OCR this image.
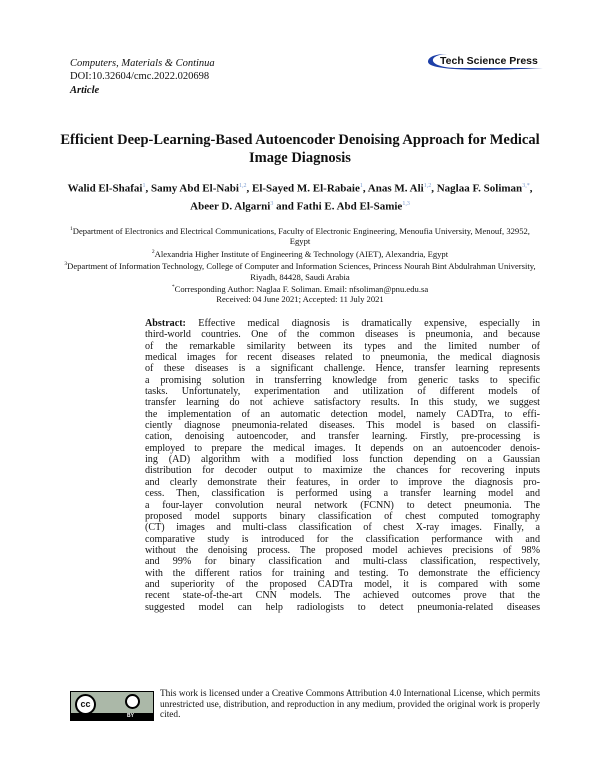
Computers, Materials & Continua
DOI:10.32604/cmc.2022.020698
Article
Tech Science Press
Efficient Deep-Learning-Based Autoencoder Denoising Approach for Medical Image Diagnosis
Walid El-Shafai$^1$, Samy Abd El-Nabi$^{1,2}$, El-Sayed M. El-Rabaie$^1$, Anas M. Ali$^{1,2}$, Naglaa F. Soliman$^{3,*}$,
Abeer D. Algarni$^3$ and Fathi E. Abd El-Samie$^{1,3}$
$^1$Department of Electronics and Electrical Communications, Faculty of Electronic Engineering, Menoufia University, Menouf, 32952, Egypt
$^2$Alexandria Higher Institute of Engineering & Technology (AIET), Alexandria, Egypt
$^3$Department of Information Technology, College of Computer and Information Sciences, Princess Nourah Bint Abdulrahman University, Riyadh, 84428, Saudi Arabia
*Corresponding Author: Naglaa F. Soliman. Email: nfsoliman@pnu.edu.sa
Received: 04 June 2021; Accepted: 11 July 2021
Abstract: Effective medical diagnosis is dramatically expensive, especially in
third-world countries. One of the common diseases is pneumonia, and because
of the remarkable similarity between its types and the limited number of
medical images for recent diseases related to pneumonia, the medical diagnosis
of these diseases is a significant challenge. Hence, transfer learning represents
a promising solution in transferring knowledge from generic tasks to specific
tasks. Unfortunately, experimentation and utilization of different models of
transfer learning do not achieve satisfactory results. In this study, we suggest
the implementation of an automatic detection model, namely CADTra, to effi-
ciently diagnose pneumonia-related diseases. This model is based on classifi-
cation, denoising autoencoder, and transfer learning. Firstly, pre-processing is
employed to prepare the medical images. It depends on an autoencoder denois-
ing (AD) algorithm with a modified loss function depending on a Gaussian
distribution for decoder output to maximize the chances for recovering inputs
and clearly demonstrate their features, in order to improve the diagnosis pro-
cess. Then, classification is performed using a transfer learning model and
a four-layer convolution neural network (FCNN) to detect pneumonia. The
proposed model supports binary classification of chest computed tomography
(CT) images and multi-class classification of chest X-ray images. Finally, a
comparative study is introduced for the classification performance with and
without the denoising process. The proposed model achieves precisions of 98%
and 99% for binary classification and multi-class classification, respectively,
with the different ratios for training and testing. To demonstrate the efficiency
and superiority of the proposed CADTra model, it is compared with some
recent state-of-the-art CNN models. The achieved outcomes prove that the
suggested model can help radiologists to detect pneumonia-related diseases
cc
BY
This work is licensed under a Creative Commons Attribution 4.0 International License, which permits unrestricted use, distribution, and reproduction in any medium, provided the original work is properly cited.
